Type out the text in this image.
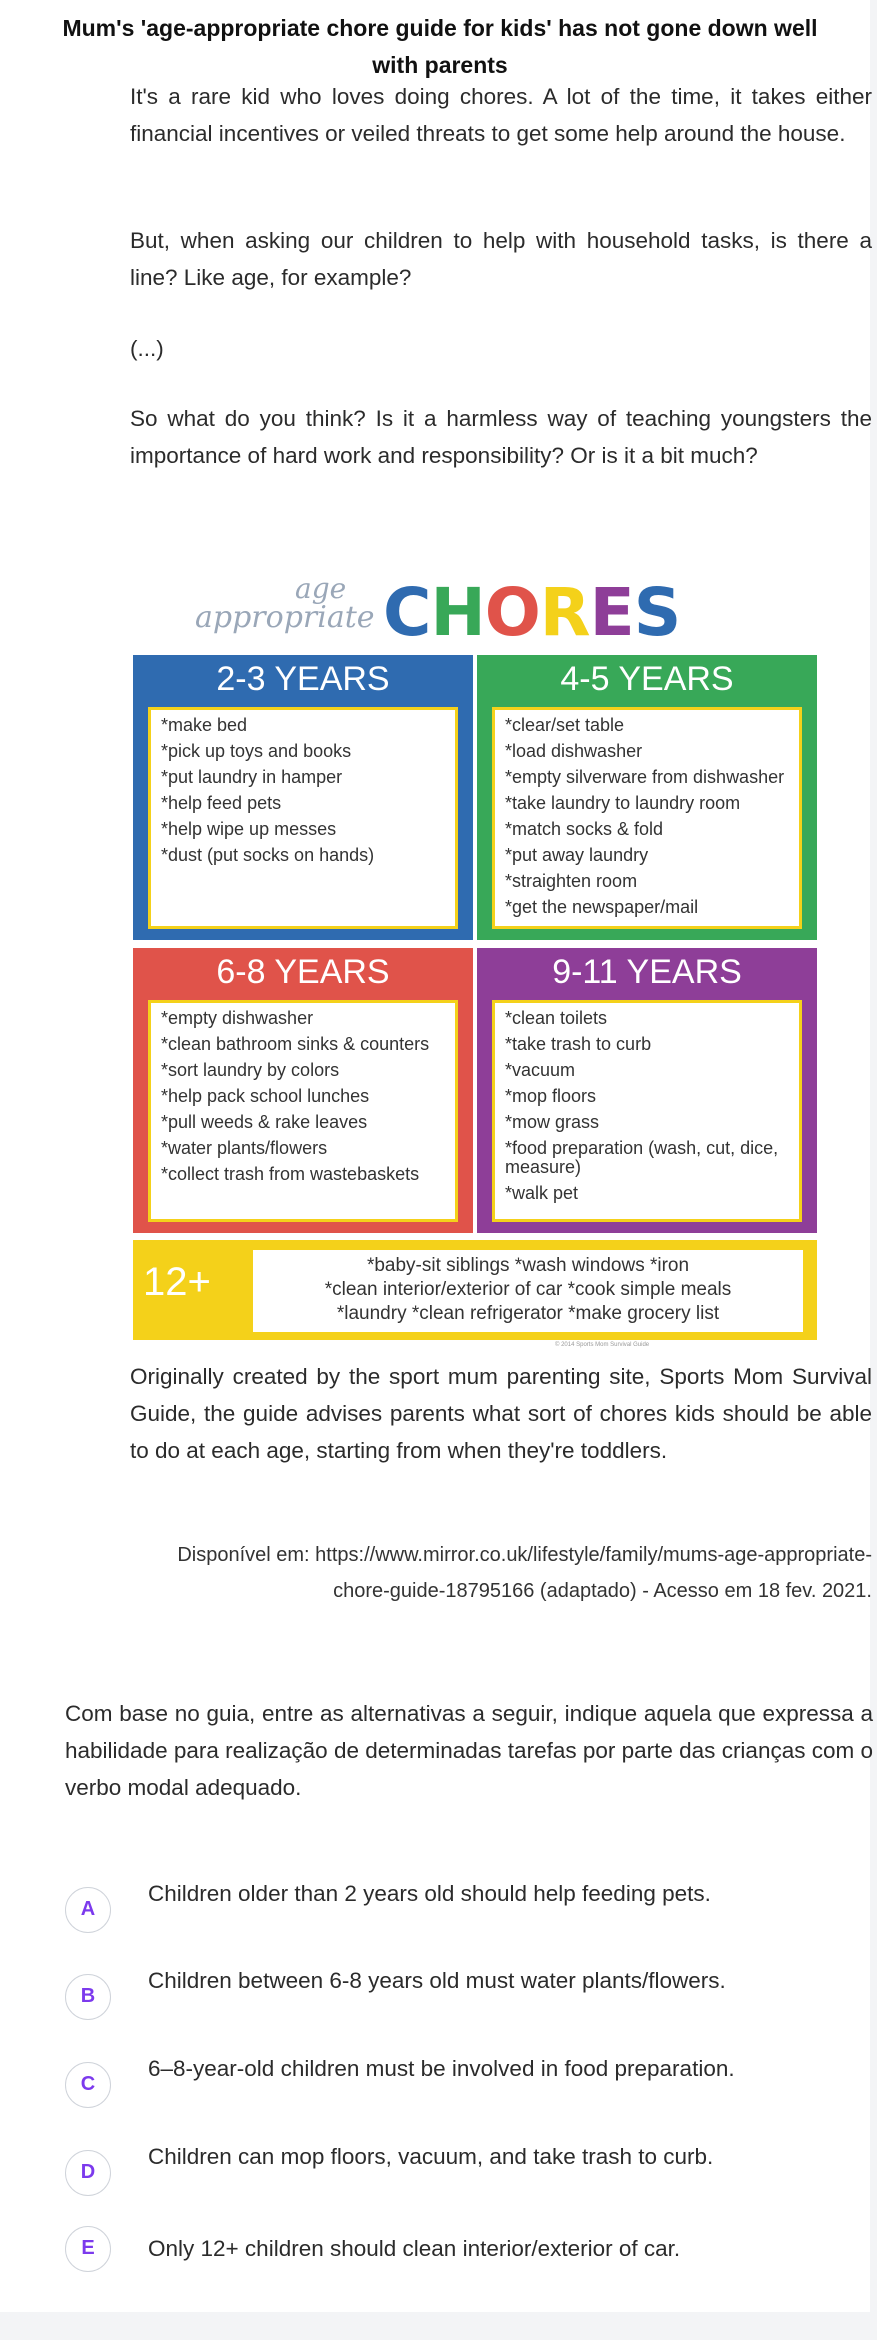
Mum's 'age-appropriate chore guide for kids' has not gone down well with parents
It's a rare kid who loves doing chores. A lot of the time, it takes either financial incentives or veiled threats to get some help around the house.
But, when asking our children to help with household tasks, is there a line? Like age, for example?
(...)
So what do you think? Is it a harmless way of teaching youngsters the importance of hard work and responsibility? Or is it a bit much?
age
appropriate CHORES
2-3 YEARS
*make bed
*pick up toys and books
*put laundry in hamper
*help feed pets
*help wipe up messes
*dust (put socks on hands)
4-5 YEARS
*clear/set table
*load dishwasher
*empty silverware from dishwasher
*take laundry to laundry room
*match socks & fold
*put away laundry
*straighten room
*get the newspaper/mail
6-8 YEARS
*empty dishwasher
*clean bathroom sinks & counters
*sort laundry by colors
*help pack school lunches
*pull weeds & rake leaves
*water plants/flowers
*collect trash from wastebaskets
9-11 YEARS
*clean toilets
*take trash to curb
*vacuum
*mop floors
*mow grass
*food preparation (wash, cut, dice, measure)
*walk pet
12+	*baby-sit siblings *wash windows *iron
*clean interior/exterior of car *cook simple meals
*laundry *clean refrigerator *make grocery list
© 2014 Sports Mom Survival Guide
Originally created by the sport mum parenting site, Sports Mom Survival Guide, the guide advises parents what sort of chores kids should be able to do at each age, starting from when they're toddlers.
Disponível em: https://www.mirror.co.uk/lifestyle/family/mums-age-appropriate-
chore-guide-18795166 (adaptado) - Acesso em 18 fev. 2021.
Com base no guia, entre as alternativas a seguir, indique aquela que expressa a habilidade para realização de determinadas tarefas por parte das crianças com o verbo modal adequado.
A
Children older than 2 years old should help feeding pets.
B
Children between 6-8 years old must water plants/flowers.
C
6–8-year-old children must be involved in food preparation.
D
Children can mop floors, vacuum, and take trash to curb.
E	Only 12+ children should clean interior/exterior of car.
